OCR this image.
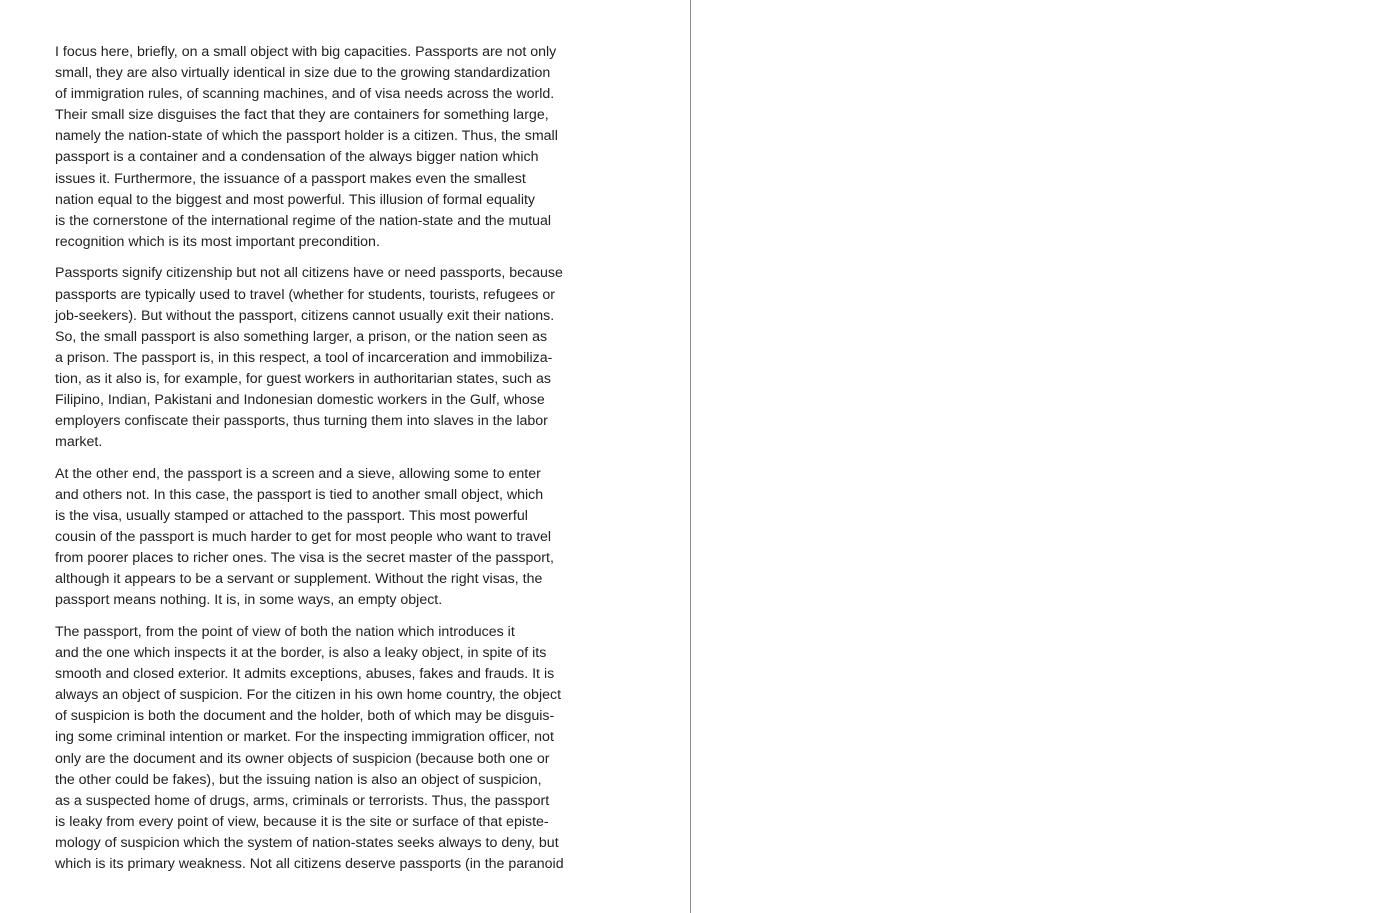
I focus here, briefly, on a small object with big capacities. Passports are not only
small, they are also virtually identical in size due to the growing standardization
of immigration rules, of scanning machines, and of visa needs across the world.
Their small size disguises the fact that they are containers for something large,
namely the nation-state of which the passport holder is a citizen. Thus, the small
passport is a container and a condensation of the always bigger nation which
issues it. Furthermore, the issuance of a passport makes even the smallest
nation equal to the biggest and most powerful. This illusion of formal equality
is the cornerstone of the international regime of the nation-state and the mutual
recognition which is its most important precondition.

Passports signify citizenship but not all citizens have or need passports, because
passports are typically used to travel (whether for students, tourists, refugees or
job-seekers). But without the passport, citizens cannot usually exit their nations.
So, the small passport is also something larger, a prison, or the nation seen as
a prison. The passport is, in this respect, a tool of incarceration and immobiliza-
tion, as it also is, for example, for guest workers in authoritarian states, such as
Filipino, Indian, Pakistani and Indonesian domestic workers in the Gulf, whose
employers confiscate their passports, thus turning them into slaves in the labor
market.

At the other end, the passport is a screen and a sieve, allowing some to enter
and others not. In this case, the passport is tied to another small object, which
is the visa, usually stamped or attached to the passport. This most powerful
cousin of the passport is much harder to get for most people who want to travel
from poorer places to richer ones. The visa is the secret master of the passport,
although it appears to be a servant or supplement. Without the right visas, the
passport means nothing. It is, in some ways, an empty object.

The passport, from the point of view of both the nation which introduces it
and the one which inspects it at the border, is also a leaky object, in spite of its
smooth and closed exterior. It admits exceptions, abuses, fakes and frauds. It is
always an object of suspicion. For the citizen in his own home country, the object
of suspicion is both the document and the holder, both of which may be disguis-
ing some criminal intention or market. For the inspecting immigration officer, not
only are the document and its owner objects of suspicion (because both one or
the other could be fakes), but the issuing nation is also an object of suspicion,
as a suspected home of drugs, arms, criminals or terrorists. Thus, the passport
is leaky from every point of view, because it is the site or surface of that episte-
mology of suspicion which the system of nation-states seeks always to deny, but
which is its primary weakness. Not all citizens deserve passports (in the paranoid
